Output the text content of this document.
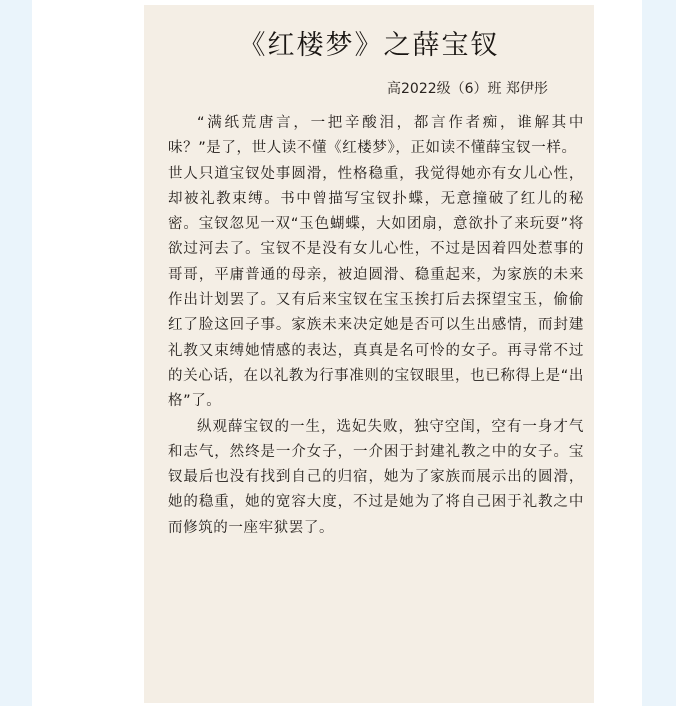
《红楼梦》之薛宝钗
高2022级（6）班 郑伊彤

“满纸荒唐言，一把辛酸泪，都言作者痴，谁解其中味？”是了，世人读不懂《红楼梦》，正如读不懂薛宝钗一样。

世人只道宝钗处事圆滑，性格稳重，我觉得她亦有女儿心性，却被礼教束缚。书中曾描写宝钗扑蝶，无意撞破了红儿的秘密。宝钗忽见一双“玉色蝴蝶，大如团扇，意欲扑了来玩耍”将欲过河去了。宝钗不是没有女儿心性，不过是因着四处惹事的哥哥，平庸普通的母亲，被迫圆滑、稳重起来，为家族的未来作出计划罢了。又有后来宝钗在宝玉挨打后去探望宝玉，偷偷红了脸这回子事。家族未来决定她是否可以生出感情，而封建礼教又束缚她情感的表达，真真是名可怜的女子。再寻常不过的关心话，在以礼教为行事准则的宝钗眼里，也已称得上是“出格”了。

纵观薛宝钗的一生，选妃失败，独守空闺，空有一身才气和志气，然终是一介女子，一介困于封建礼教之中的女子。宝钗最后也没有找到自己的归宿，她为了家族而展示出的圆滑，她的稳重，她的宽容大度，不过是她为了将自己困于礼教之中而修筑的一座牢狱罢了。
